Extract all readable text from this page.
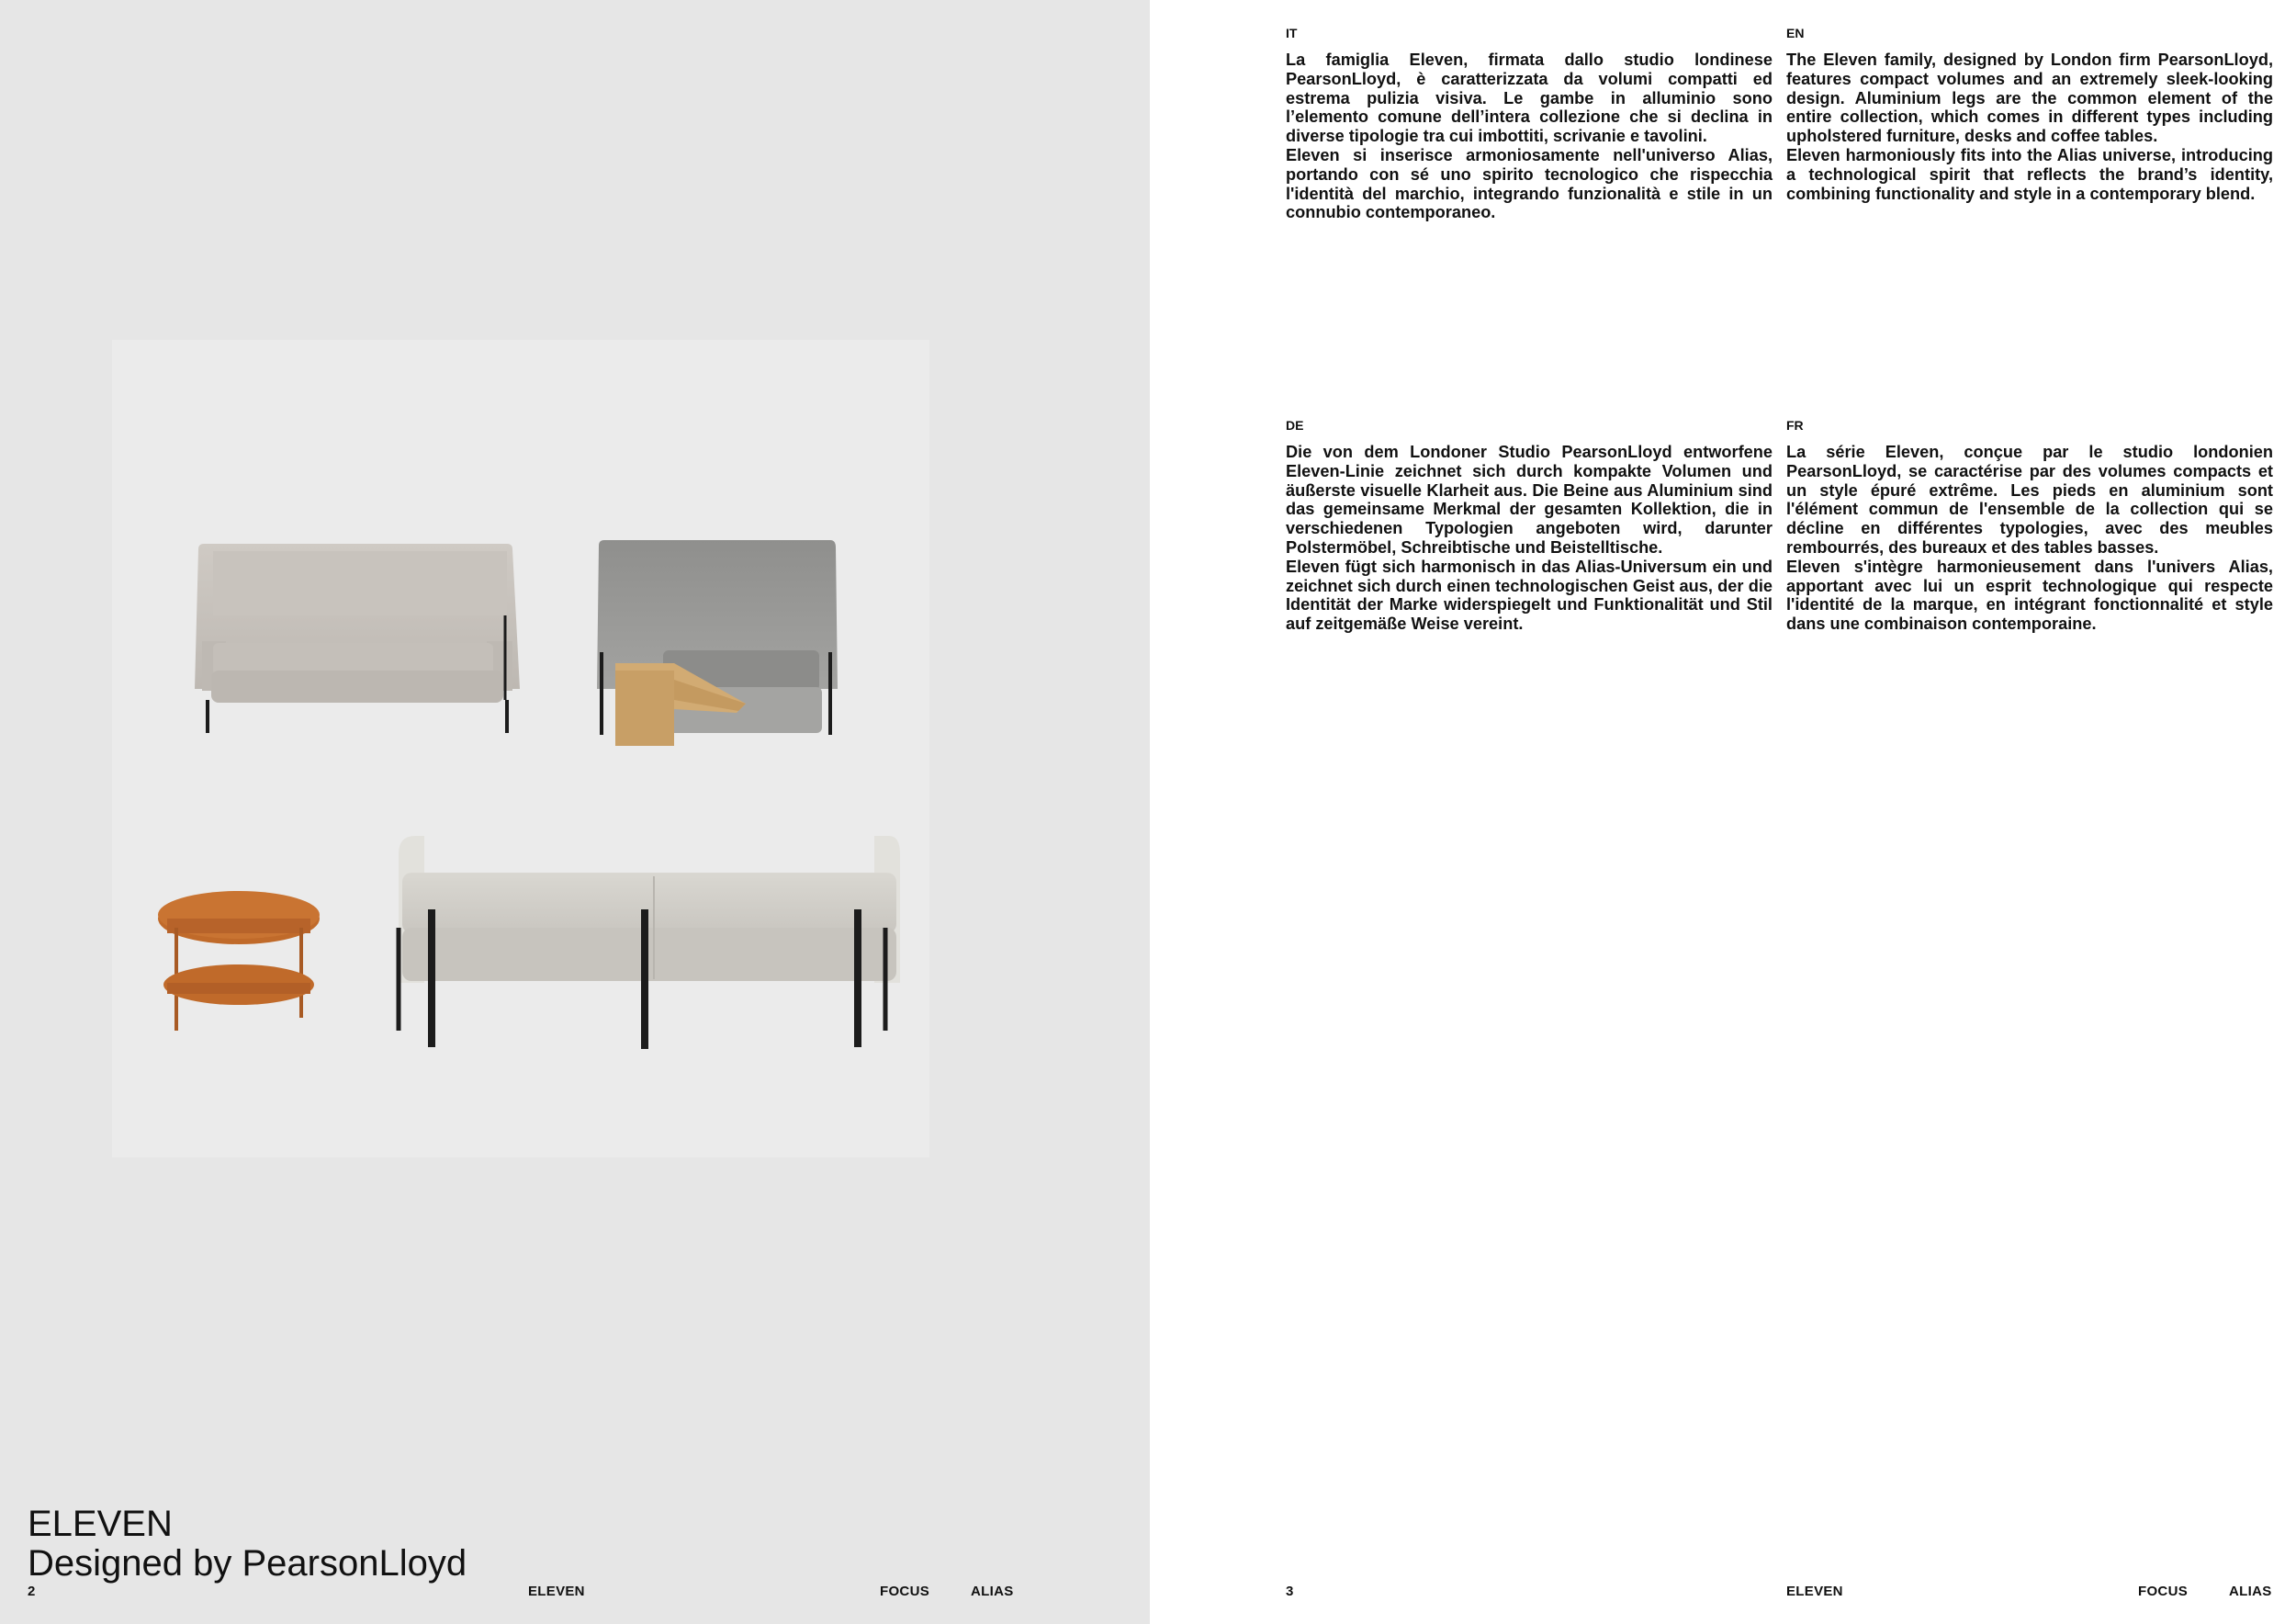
ELEVEN
Designed by PearsonLloyd
2	ELEVEN	FOCUS	ALIAS
IT

La famiglia Eleven, firmata dallo studio londinese PearsonLloyd, è caratterizzata da volumi compatti ed estrema pulizia visiva. Le gambe in alluminio sono l’elemento comune dell’intera collezione che si declina in diverse tipologie tra cui imbottiti, scrivanie e tavolini.

Eleven si inserisce armoniosamente nell'universo Alias, portando con sé uno spirito tecnologico che rispecchia l'identità del marchio, integrando funzionalità e stile in un connubio contemporaneo.

EN

The Eleven family, designed by London firm PearsonLloyd, features compact volumes and an extremely sleek-looking design. Aluminium legs are the common element of the entire collection, which comes in different types including upholstered furniture, desks and coffee tables.

Eleven harmoniously fits into the Alias universe, introducing a technological spirit that reflects the brand’s identity, combining functionality and style in a contemporary blend.

DE

Die von dem Londoner Studio PearsonLloyd entworfene Eleven-Linie zeichnet sich durch kompakte Volumen und äußerste visuelle Klarheit aus. Die Beine aus Aluminium sind das gemeinsame Merkmal der gesamten Kollektion, die in verschiedenen Typologien angeboten wird, darunter Polstermöbel, Schreibtische und Beistelltische.

Eleven fügt sich harmonisch in das Alias-Universum ein und zeichnet sich durch einen technologischen Geist aus, der die Identität der Marke widerspiegelt und Funktionalität und Stil auf zeitgemäße Weise vereint.

FR

La série Eleven, conçue par le studio londonien PearsonLloyd, se caractérise par des volumes compacts et un style épuré extrême. Les pieds en aluminium sont l'élément commun de l'ensemble de la collection qui se décline en différentes typologies, avec des meubles rembourrés, des bureaux et des tables basses.

Eleven s'intègre harmonieusement dans l'univers Alias, apportant avec lui un esprit technologique qui respecte l'identité de la marque, en intégrant fonctionnalité et style dans une combinaison contemporaine.

3	ELEVEN	FOCUS	ALIAS
